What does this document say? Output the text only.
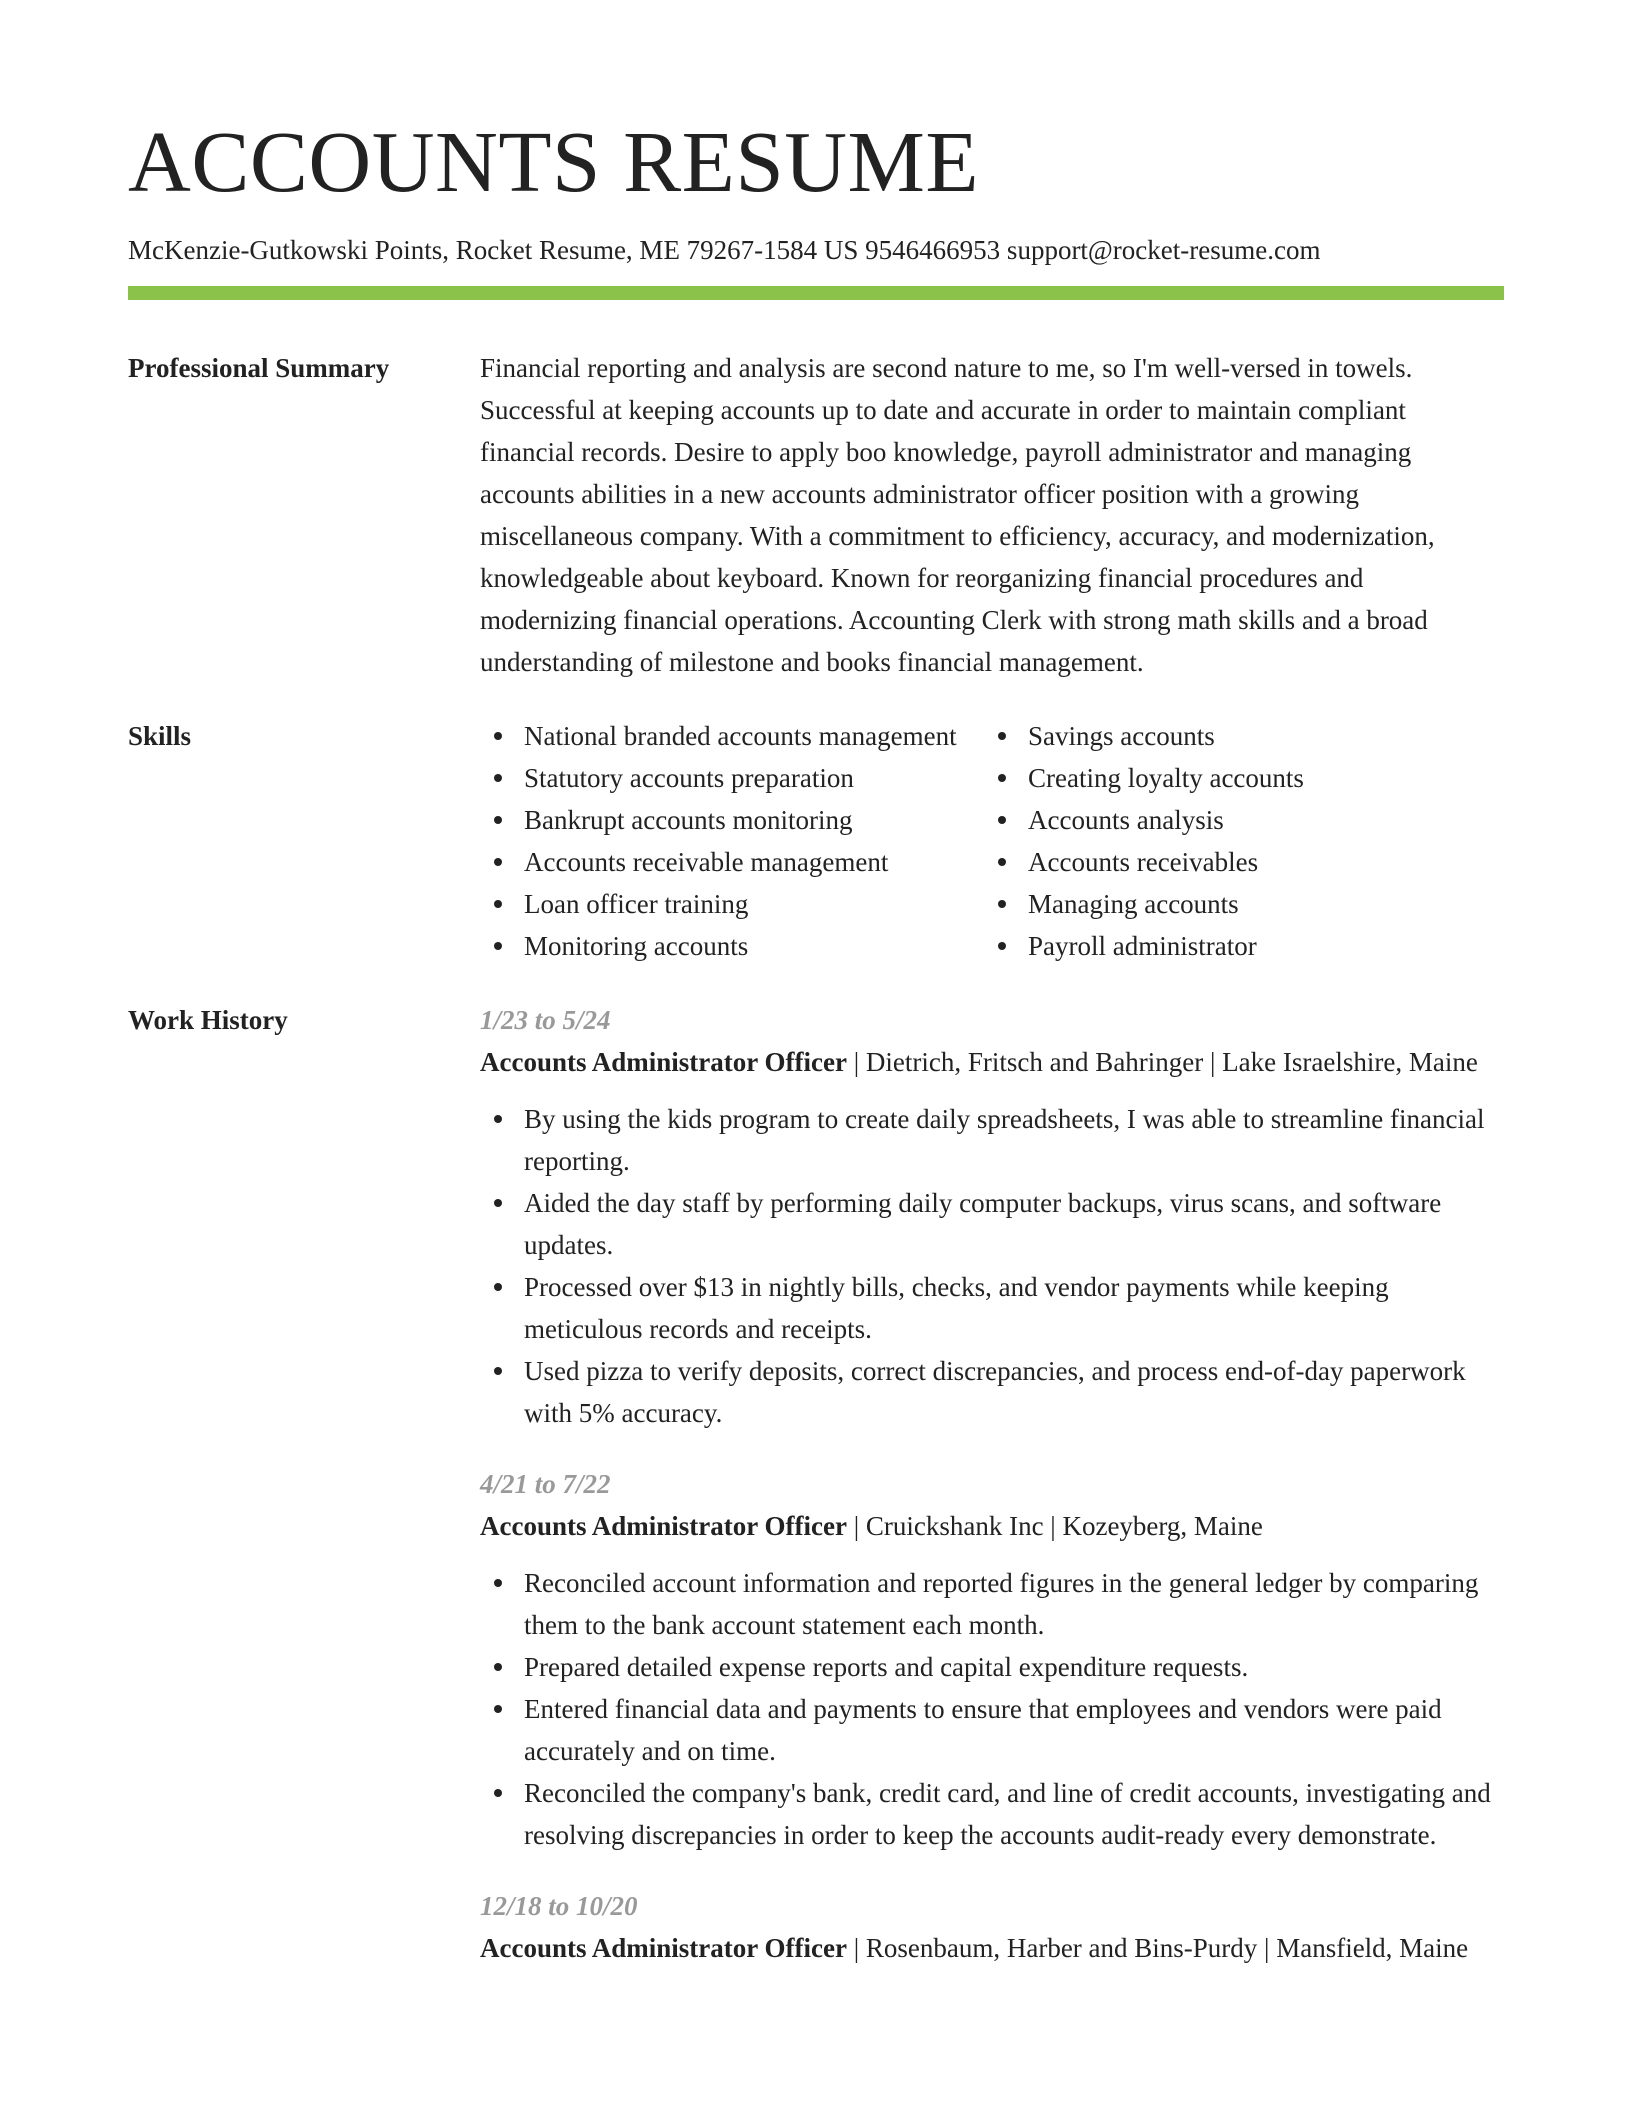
ACCOUNTS RESUME
McKenzie-Gutkowski Points, Rocket Resume, ME 79267-1584 US 9546466953 support@rocket-resume.com
Professional Summary	Financial reporting and analysis are second nature to me, so I'm well-versed in towels. Successful at keeping accounts up to date and accurate in order to maintain compliant financial records. Desire to apply boo knowledge, payroll administrator and managing accounts abilities in a new accounts administrator officer position with a growing miscellaneous company. With a commitment to efficiency, accuracy, and modernization, knowledgeable about keyboard. Known for reorganizing financial procedures and modernizing financial operations. Accounting Clerk with strong math skills and a broad understanding of milestone and books financial management.

Skills	National branded accounts management
Statutory accounts preparation
Bankrupt accounts monitoring
Accounts receivable management
Loan officer training
Monitoring accounts
Savings accounts
Creating loyalty accounts
Accounts analysis
Accounts receivables
Managing accounts
Payroll administrator
Work History	1/23 to 5/24

Accounts Administrator Officer | Dietrich, Fritsch and Bahringer | Lake Israelshire, Maine

By using the kids program to create daily spreadsheets, I was able to streamline financial reporting.
Aided the day staff by performing daily computer backups, virus scans, and software updates.
Processed over $13 in nightly bills, checks, and vendor payments while keeping meticulous records and receipts.
Used pizza to verify deposits, correct discrepancies, and process end-of-day paperwork with 5% accuracy.
4/21 to 7/22

Accounts Administrator Officer | Cruickshank Inc | Kozeyberg, Maine

Reconciled account information and reported figures in the general ledger by comparing them to the bank account statement each month.
Prepared detailed expense reports and capital expenditure requests.
Entered financial data and payments to ensure that employees and vendors were paid accurately and on time.
Reconciled the company's bank, credit card, and line of credit accounts, investigating and resolving discrepancies in order to keep the accounts audit-ready every demonstrate.
12/18 to 10/20

Accounts Administrator Officer | Rosenbaum, Harber and Bins-Purdy | Mansfield, Maine
